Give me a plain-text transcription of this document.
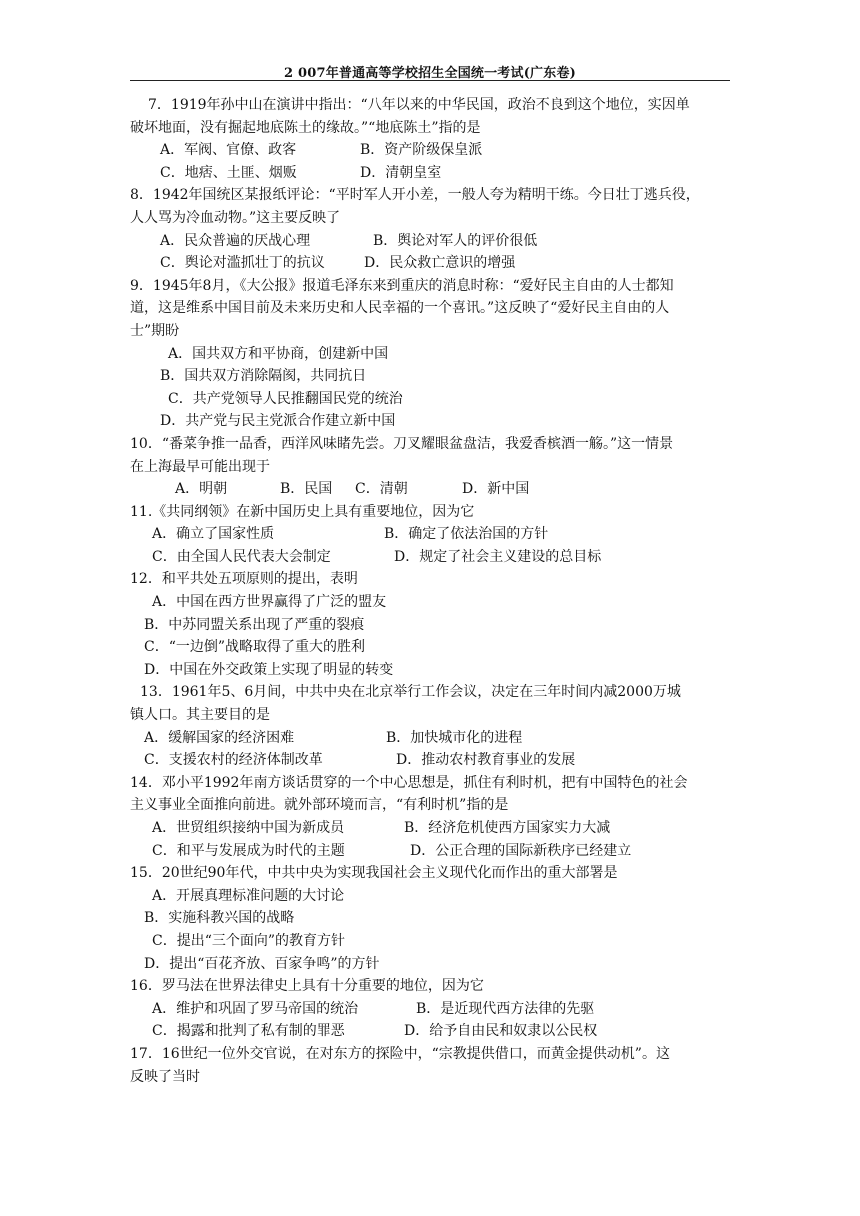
2 007年普通高等学校招生全国统一考试(广东卷)
7．1919年孙中山在演讲中指出：“八年以来的中华民国，政治不良到这个地位，实因单
破坏地面，没有掘起地底陈土的缘故。”“地底陈土”指的是
A．军阀、官僚、政客	B．资产阶级保皇派
C．地痞、土匪、烟贩	D．清朝皇室
8．1942年国统区某报纸评论：“平时军人开小差，一般人夸为精明干练。今日壮丁逃兵役，
人人骂为冷血动物。”这主要反映了
A．民众普遍的厌战心理	B．舆论对军人的评价很低
C．舆论对滥抓壮丁的抗议	D．民众救亡意识的增强
9．1945年8月，《大公报》报道毛泽东来到重庆的消息时称：“爱好民主自由的人士都知
道，这是维系中国目前及未来历史和人民幸福的一个喜讯。”这反映了“爱好民主自由的人
士”期盼
A．国共双方和平协商，创建新中国
B．国共双方消除隔阂，共同抗日
C．共产党领导人民推翻国民党的统治
D．共产党与民主党派合作建立新中国
10．“番菜争推一品香，西洋风味睹先尝。刀叉耀眼盆盘洁，我爱香槟酒一觞。”这一情景
在上海最早可能出现于
A．明朝	B．民国	C．清朝	D．新中国
11.《共同纲领》在新中国历史上具有重要地位，因为它
A．确立了国家性质	B．确定了依法治国的方针
C．由全国人民代表大会制定	D．规定了社会主义建设的总目标
12．和平共处五项原则的提出，表明
A．中国在西方世界赢得了广泛的盟友
B．中苏同盟关系出现了严重的裂痕
C．“一边倒”战略取得了重大的胜利
D．中国在外交政策上实现了明显的转变
13．1961年5、6月间，中共中央在北京举行工作会议，决定在三年时间内减2000万城
镇人口。其主要目的是
A．缓解国家的经济困难	B．加快城市化的进程
C．支援农村的经济体制改革	D．推动农村教育事业的发展
14．邓小平1992年南方谈话贯穿的一个中心思想是，抓住有利时机，把有中国特色的社会
主义事业全面推向前进。就外部环境而言，“有利时机”指的是
A．世贸组织接纳中国为新成员	B．经济危机使西方国家实力大减
C．和平与发展成为时代的主题	D．公正合理的国际新秩序已经建立
15．20世纪90年代，中共中央为实现我国社会主义现代化而作出的重大部署是
A．开展真理标准问题的大讨论
B．实施科教兴国的战略
C．提出“三个面向”的教育方针
D．提出“百花齐放、百家争鸣”的方针
16．罗马法在世界法律史上具有十分重要的地位，因为它
A．维护和巩固了罗马帝国的统治	B．是近现代西方法律的先驱
C．揭露和批判了私有制的罪恶	D．给予自由民和奴隶以公民权
17．16世纪一位外交官说，在对东方的探险中，“宗教提供借口，而黄金提供动机”。这
反映了当时
